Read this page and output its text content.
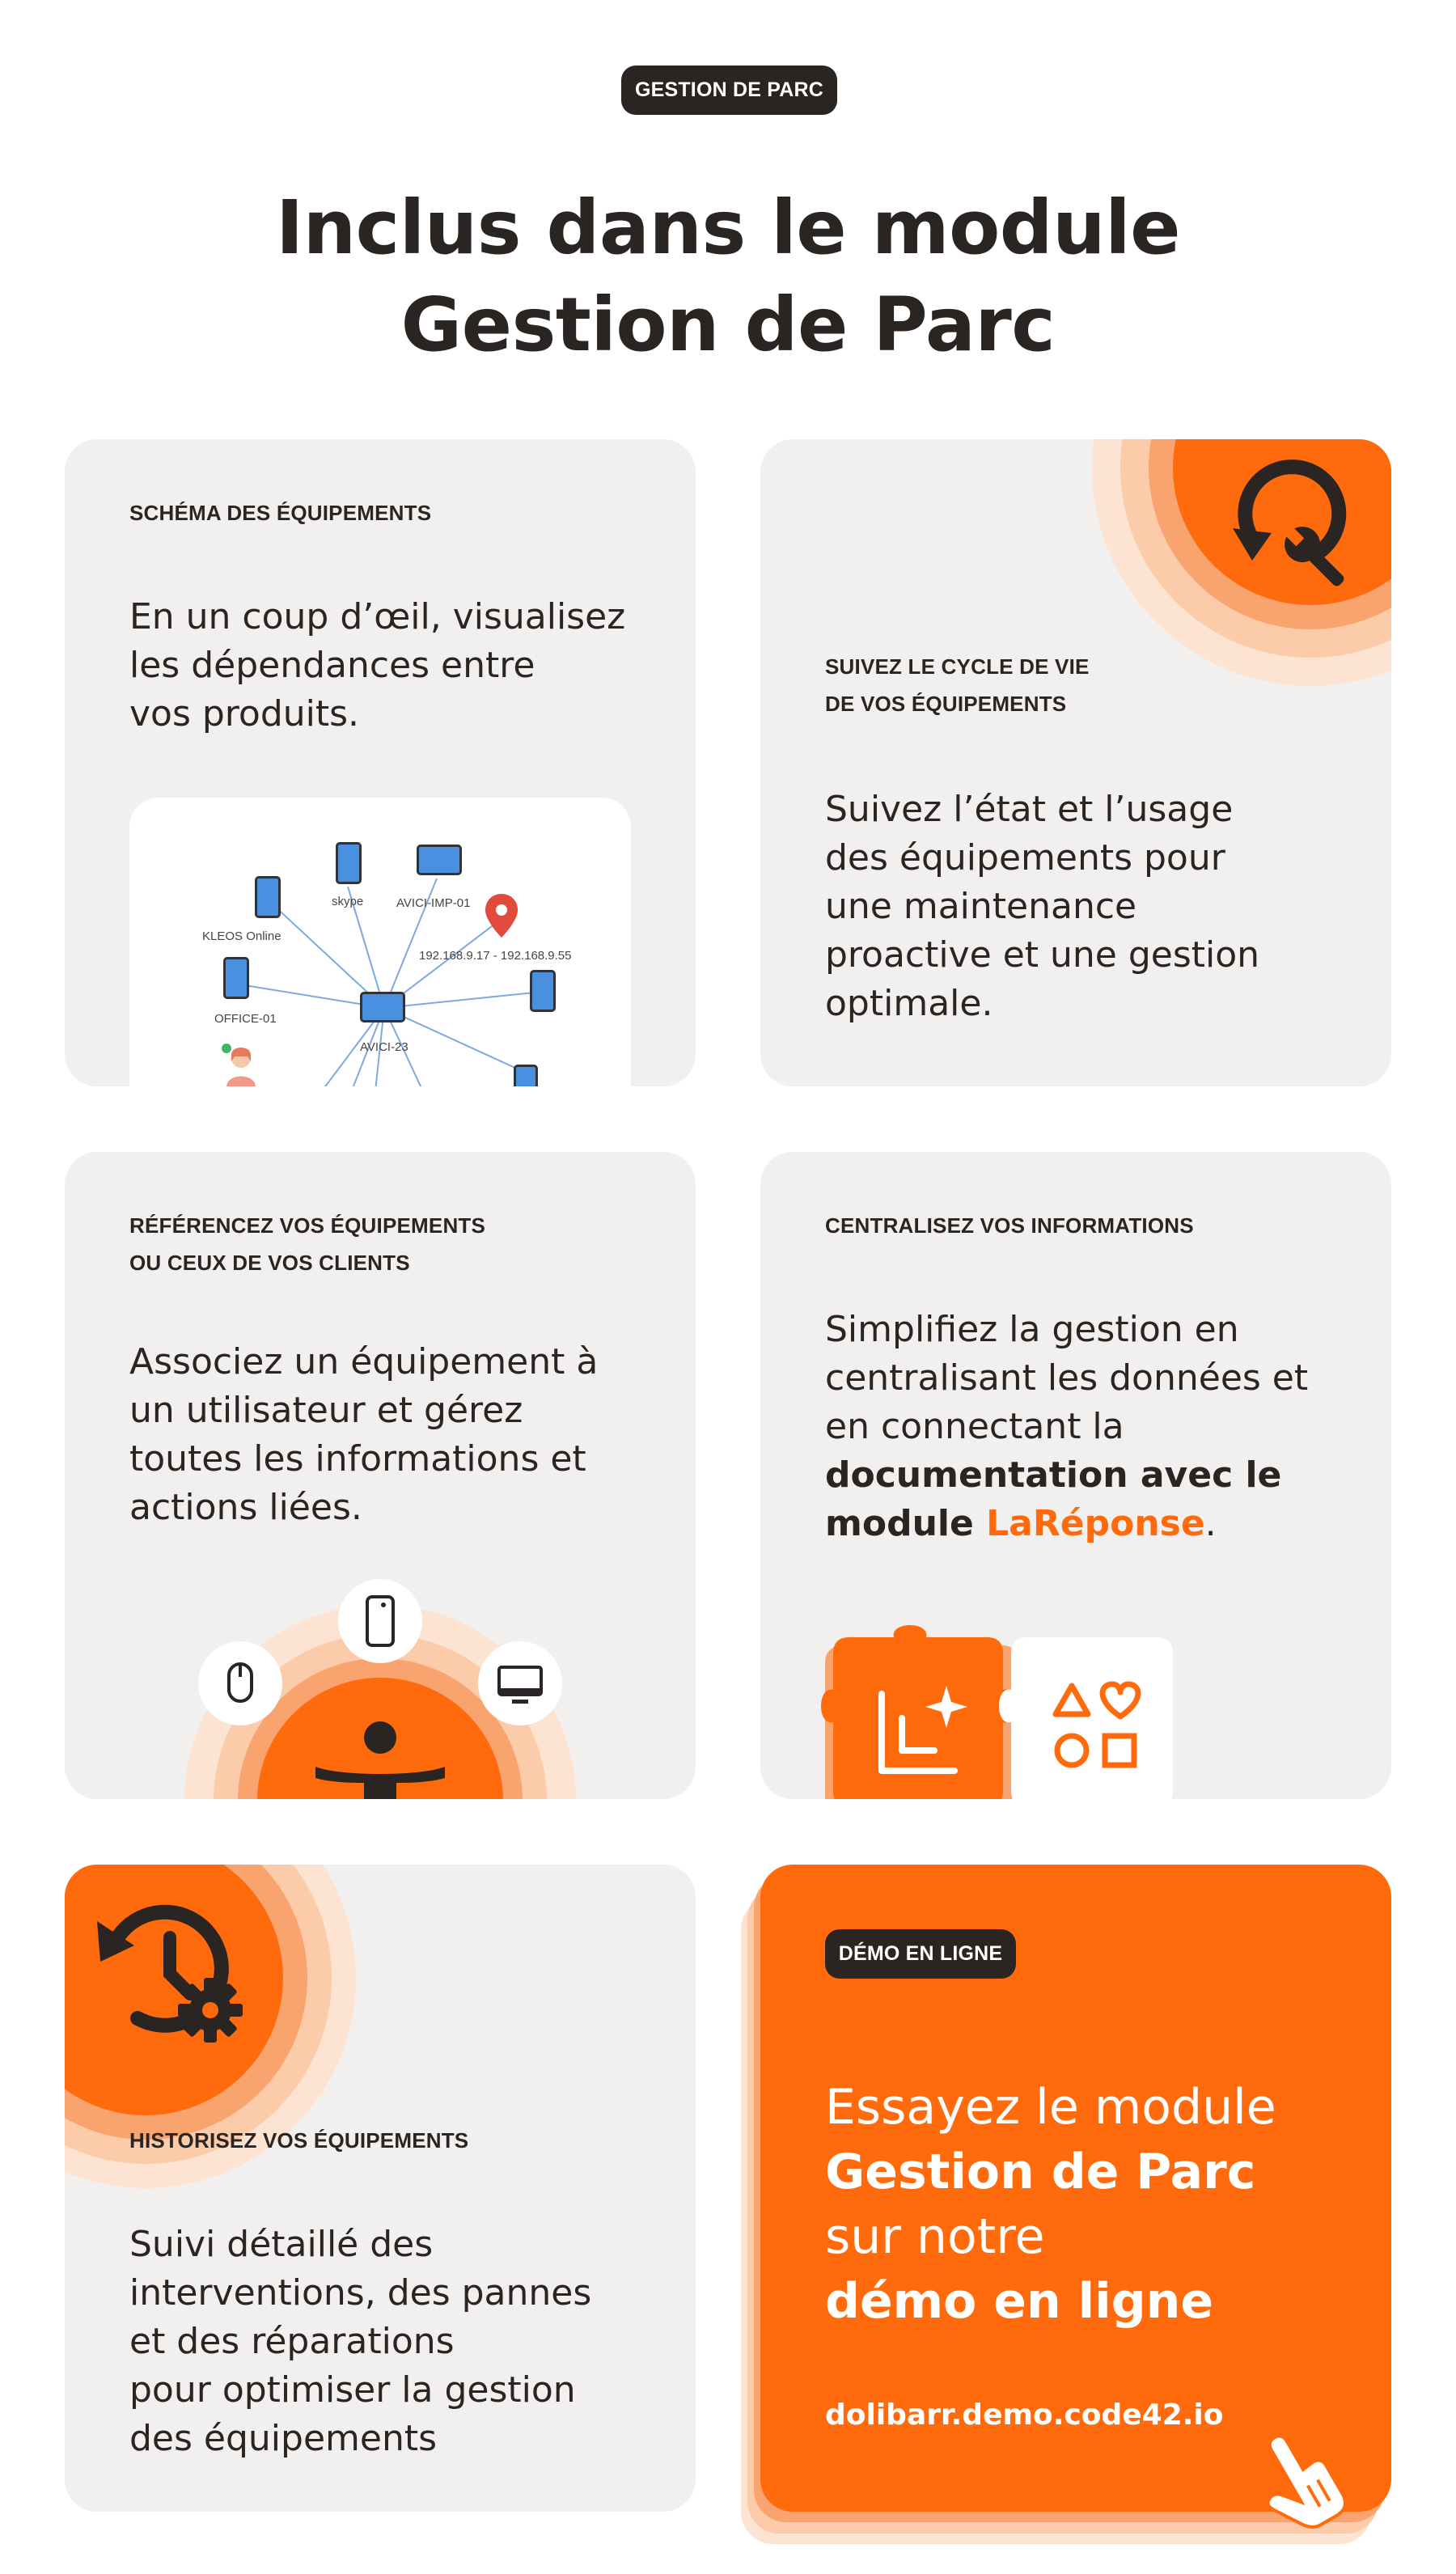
GESTION DE PARC
Inclus dans le module
Gestion de Parc
SCHÉMA DES ÉQUIPEMENTS
En un coup d’œil, visualisez
les dépendances entre
vos produits.
skype	AVICI-IMP-01
KLEOS Online
192.168.9.17 - 192.168.9.55
OFFICE-01
AVICI-23
SUIVEZ LE CYCLE DE VIE
DE VOS ÉQUIPEMENTS
Suivez l’état et l’usage
des équipements pour
une maintenance
proactive et une gestion
optimale.
RÉFÉRENCEZ VOS ÉQUIPEMENTS
OU CEUX DE VOS CLIENTS
Associez un équipement à
un utilisateur et gérez
toutes les informations et
actions liées.
CENTRALISEZ VOS INFORMATIONS
Simplifiez la gestion en
centralisant les données et
en connectant la
documentation avec le
module LaRéponse.
HISTORISEZ VOS ÉQUIPEMENTS
Suivi détaillé des
interventions, des pannes
et des réparations
pour optimiser la gestion
des équipements
DÉMO EN LIGNE
Essayez le module
Gestion de Parc
sur notre
démo en ligne
dolibarr.demo.code42.io
